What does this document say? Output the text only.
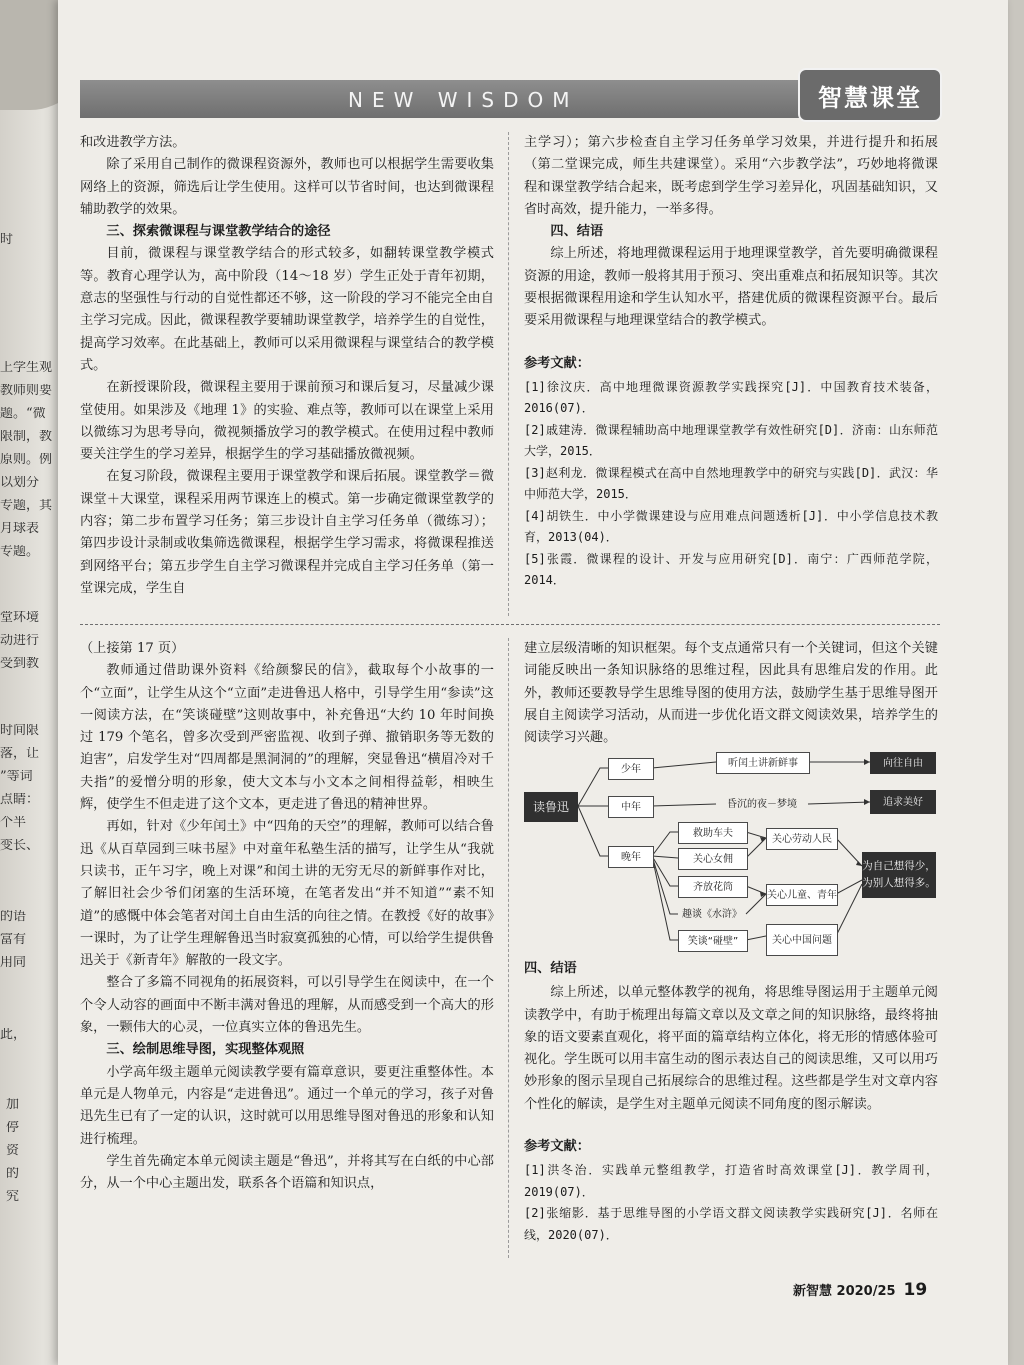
时
上学生观
教师则要
题。“微
限制，教
原则。例
以划分
专题，其
月球表
专题。
堂环境
动进行
受到教
时间限
落，让
”等词
点睛：
个半
变长、
的语
富有
用同
此，
加
停
资
的
究
NEW WISDOM	智慧课堂

和改进教学方法。

除了采用自己制作的微课程资源外，教师也可以根据学生需要收集网络上的资源，筛选后让学生使用。这样可以节省时间，也达到微课程辅助教学的效果。

三、探索微课程与课堂教学结合的途径

目前，微课程与课堂教学结合的形式较多，如翻转课堂教学模式等。教育心理学认为，高中阶段（14～18 岁）学生正处于青年初期，意志的坚强性与行动的自觉性都还不够，这一阶段的学习不能完全由自主学习完成。因此，微课程教学要辅助课堂教学，培养学生的自觉性，提高学习效率。在此基础上，教师可以采用微课程与课堂结合的教学模式。

在新授课阶段，微课程主要用于课前预习和课后复习，尽量减少课堂使用。如果涉及《地理 1》的实验、难点等，教师可以在课堂上采用以微练习为思考导向，微视频播放学习的教学模式。在使用过程中教师要关注学生的学习差异，根据学生的学习基础播放微视频。

在复习阶段，微课程主要用于课堂教学和课后拓展。课堂教学＝微课堂＋大课堂，课程采用两节课连上的模式。第一步确定微课堂教学的内容；第二步布置学习任务；第三步设计自主学习任务单（微练习）；第四步设计录制或收集筛选微课程，根据学生学习需求，将微课程推送到网络平台；第五步学生自主学习微课程并完成自主学习任务单（第一堂课完成，学生自

主学习）；第六步检查自主学习任务单学习效果，并进行提升和拓展（第二堂课完成，师生共建课堂）。采用“六步教学法”，巧妙地将微课程和课堂教学结合起来，既考虑到学生学习差异化，巩固基础知识，又省时高效，提升能力，一举多得。

四、结语

综上所述，将地理微课程运用于地理课堂教学，首先要明确微课程资源的用途，教师一般将其用于预习、突出重难点和拓展知识等。其次要根据微课程用途和学生认知水平，搭建优质的微课程资源平台。最后要采用微课程与地理课堂结合的教学模式。

参考文献：

[1]徐汶庆．高中地理微课资源教学实践探究[J]．中国教育技术装备，2016(07)．

[2]戚建涛．微课程辅助高中地理课堂教学有效性研究[D]．济南：山东师范大学，2015．

[3]赵利龙．微课程模式在高中自然地理教学中的研究与实践[D]．武汉：华中师范大学，2015．

[4]胡铁生．中小学微课建设与应用难点问题透析[J]．中小学信息技术教育，2013(04)．

[5]张霞．微课程的设计、开发与应用研究[D]．南宁：广西师范学院，2014．

（上接第 17 页）

教师通过借助课外资料《给颜黎民的信》，截取每个小故事的一个“立面”，让学生从这个“立面”走进鲁迅人格中，引导学生用“参读”这一阅读方法，在“笑谈碰壁”这则故事中，补充鲁迅“大约 10 年时间换过 179 个笔名，曾多次受到严密监视、收到子弹、撤销职务等无数的迫害”，启发学生对“四周都是黑洞洞的”的理解，突显鲁迅“横眉冷对千夫指”的爱憎分明的形象，使大文本与小文本之间相得益彰，相映生辉，使学生不但走进了这个文本，更走进了鲁迅的精神世界。

再如，针对《少年闰土》中“四角的天空”的理解，教师可以结合鲁迅《从百草园到三味书屋》中对童年私塾生活的描写，让学生从“我就只读书，正午习字，晚上对课”和闰土讲的无穷无尽的新鲜事作对比，了解旧社会少爷们闭塞的生活环境，在笔者发出“并不知道”“素不知道”的感慨中体会笔者对闰土自由生活的向往之情。在教授《好的故事》一课时，为了让学生理解鲁迅当时寂寞孤独的心情，可以给学生提供鲁迅关于《新青年》解散的一段文字。

整合了多篇不同视角的拓展资料，可以引导学生在阅读中，在一个个令人动容的画面中不断丰满对鲁迅的理解，从而感受到一个高大的形象，一颗伟大的心灵，一位真实立体的鲁迅先生。

三、绘制思维导图，实现整体观照

小学高年级主题单元阅读教学要有篇章意识，要更注重整体性。本单元是人物单元，内容是“走进鲁迅”。通过一个单元的学习，孩子对鲁迅先生已有了一定的认识，这时就可以用思维导图对鲁迅的形象和认知进行梳理。

学生首先确定本单元阅读主题是“鲁迅”，并将其写在白纸的中心部分，从一个中心主题出发，联系各个语篇和知识点，

建立层级清晰的知识框架。每个支点通常只有一个关键词，但这个关键词能反映出一条知识脉络的思维过程，因此具有思维启发的作用。此外，教师还要教导学生思维导图的使用方法，鼓励学生基于思维导图开展自主阅读学习活动，从而进一步优化语文群文阅读效果，培养学生的阅读学习兴趣。

读鲁迅
少年
中年
晚年
听闰土讲新鲜事	向往自由
昏沉的夜－梦境	追求美好
救助车夫
关心女佣
齐放花筒
趣谈《水浒》
笑谈“碰壁”
关心劳动人民
关心儿童、青年
关心中国问题
为自己想得少，为别人想得多。
四、结语

综上所述，以单元整体教学的视角，将思维导图运用于主题单元阅读教学中，有助于梳理出每篇文章以及文章之间的知识脉络，最终将抽象的语文要素直观化，将平面的篇章结构立体化，将无形的情感体验可视化。学生既可以用丰富生动的图示表达自己的阅读思维，又可以用巧妙形象的图示呈现自己拓展综合的思维过程。这些都是学生对文章内容个性化的解读，是学生对主题单元阅读不同角度的图示解读。

参考文献：

[1]洪冬治．实践单元整组教学，打造省时高效课堂[J]．教学周刊，2019(07)．

[2]张缩影．基于思维导图的小学语文群文阅读教学实践研究[J]．名师在线，2020(07)．

新智慧 2020/25 19
